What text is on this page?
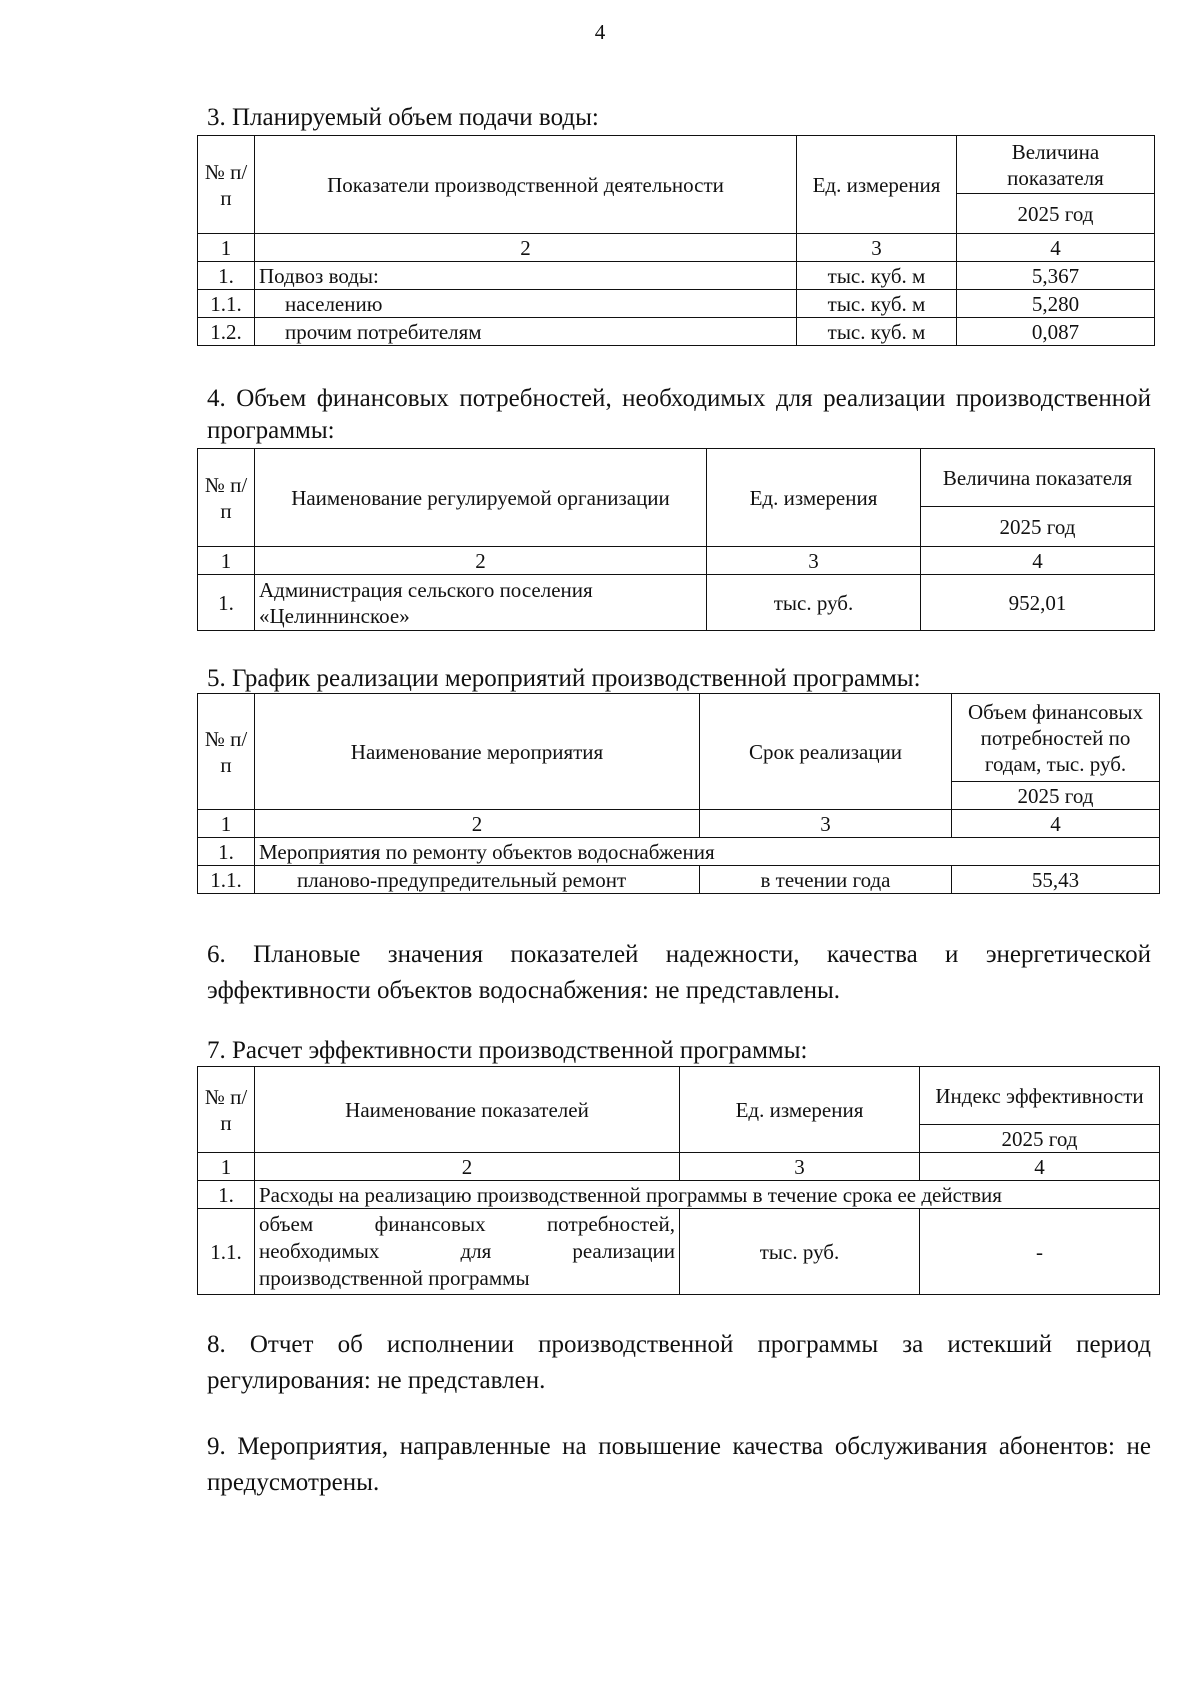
4
3. Планируемый объем подачи воды:
№ п/п	Показатели производственной деятельности	Ед. измерения	Величина показателя
			2025 год
1	2	3	4
1.	Подвоз воды:	тыс. куб. м	5,367
1.1.	населению	тыс. куб. м	5,280
1.2.	прочим потребителям	тыс. куб. м	0,087
4. Объем финансовых потребностей, необходимых для реализации производственной программы:
№ п/п	Наименование регулируемой организации	Ед. измерения	Величина показателя
			2025 год
1	2	3	4
1.	Администрация сельского поселения
«Целиннинское»	тыс. руб.	952,01
5. График реализации мероприятий производственной программы:
№ п/п	Наименование мероприятия	Срок реализации	Объем финансовых потребностей по годам, тыс. руб.
			2025 год
1	2	3	4
1.	Мероприятия по ремонту объектов водоснабжения		
1.1.	планово-предупредительный ремонт	в течении года	55,43
6. Плановые значения показателей надежности, качества и энергетической эффективности объектов водоснабжения: не представлены.
7. Расчет эффективности производственной программы:
№ п/п	Наименование показателей	Ед. измерения	Индекс эффективности
			2025 год
1	2	3	4
1.	Расходы на реализацию производственной программы в течение срока ее действия		
1.1.	объем финансовых потребностей,
необходимых для реализации
производственной программы	тыс. руб.	-
8. Отчет об исполнении производственной программы за истекший период регулирования: не представлен.
9. Мероприятия, направленные на повышение качества обслуживания абонентов: не предусмотрены.
